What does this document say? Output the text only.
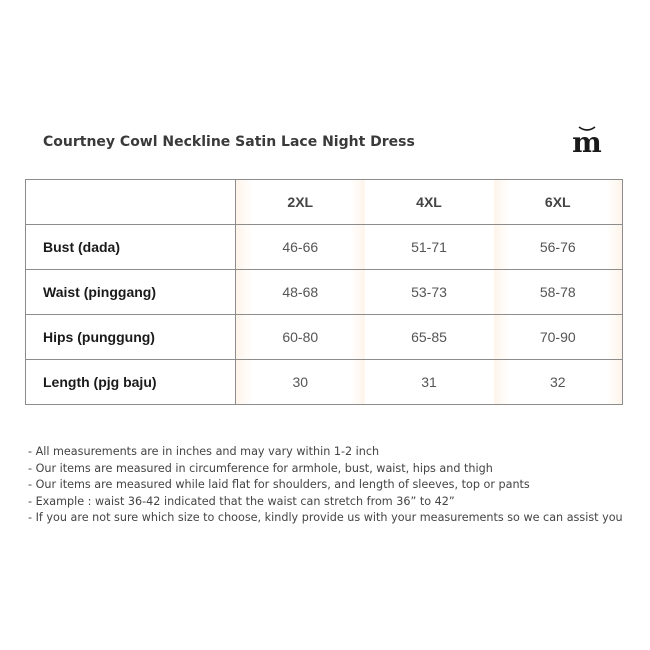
Courtney Cowl Neckline Satin Lace Night Dress	m
	2XL	4XL	6XL
Bust (dada)	46-66	51-71	56-76
Waist (pinggang)	48-68	53-73	58-78
Hips (punggung)	60-80	65-85	70-90
Length (pjg baju)	30	31	32
- All measurements are in inches and may vary within 1-2 inch
- Our items are measured in circumference for armhole, bust, waist, hips and thigh
- Our items are measured while laid flat for shoulders, and length of sleeves, top or pants
- Example : waist 36-42 indicated that the waist can stretch from 36” to 42”
- If you are not sure which size to choose, kindly provide us with your measurements so we can assist you
